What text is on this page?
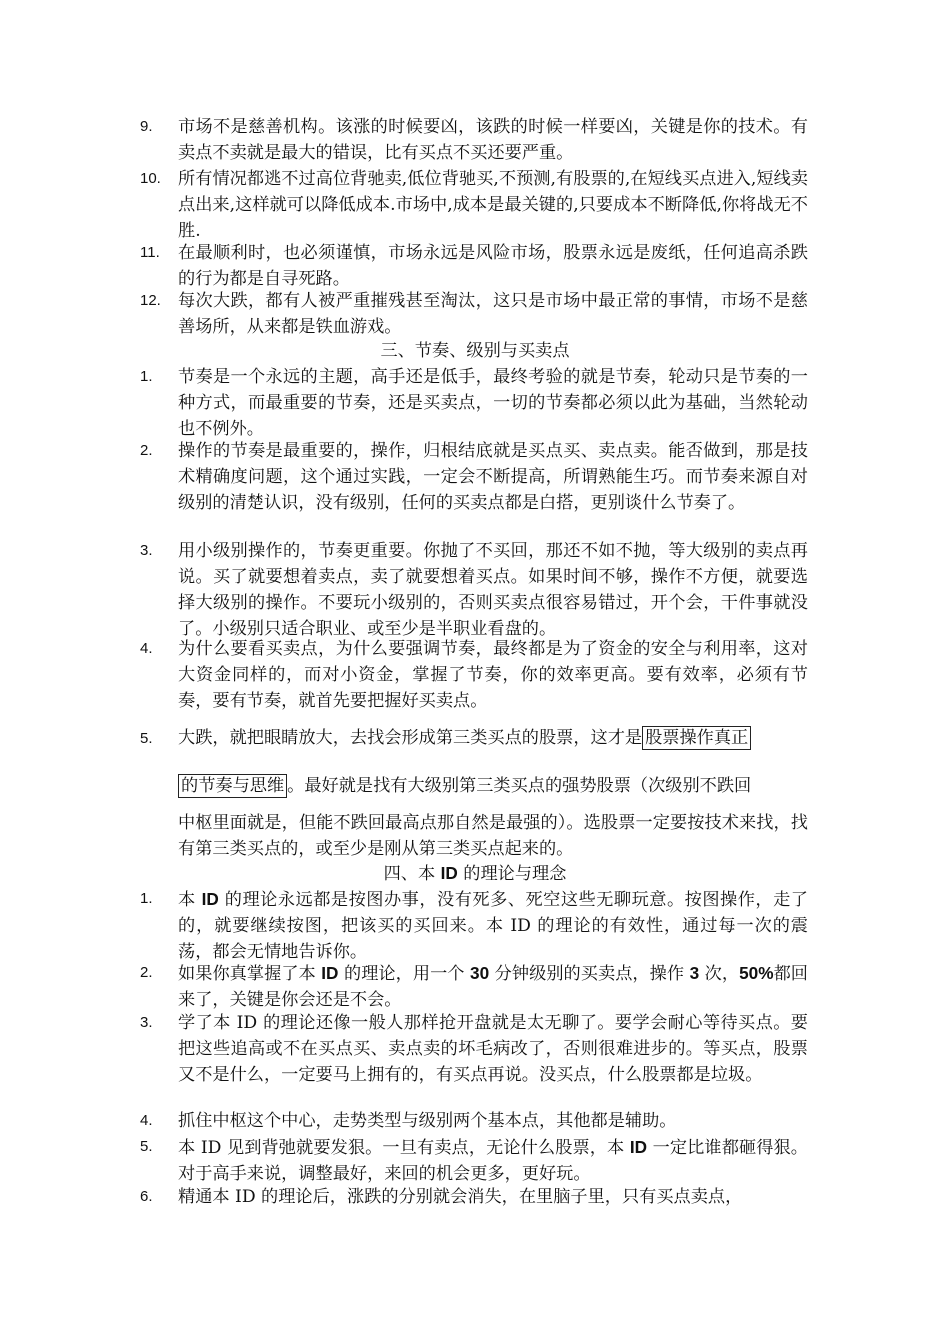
9.	市场不是慈善机构。该涨的时候要凶，该跌的时候一样要凶，关键是你的技术。有卖点不卖就是最大的错误，比有买点不买还要严重。
10. 所有情况都逃不过高位背驰卖,低位背驰买,不预测,有股票的,在短线买点进入,短线卖点出来,这样就可以降低成本.市场中,成本是最关键的,只要成本不断降低,你将战无不胜.
11.	在最顺利时，也必须谨慎，市场永远是风险市场，股票永远是废纸，任何追高杀跌的行为都是自寻死路。
12. 每次大跌，都有人被严重摧残甚至淘汰，这只是市场中最正常的事情，市场不是慈善场所，从来都是铁血游戏。
三、节奏、级别与买卖点
1.	节奏是一个永远的主题，高手还是低手，最终考验的就是节奏，轮动只是节奏的一种方式，而最重要的节奏，还是买卖点，一切的节奏都必须以此为基础，当然轮动也不例外。
2.	操作的节奏是最重要的，操作，归根结底就是买点买、卖点卖。能否做到，那是技术精确度问题，这个通过实践，一定会不断提高，所谓熟能生巧。而节奏来源自对级别的清楚认识，没有级别，任何的买卖点都是白搭，更别谈什么节奏了。
3.	用小级别操作的，节奏更重要。你抛了不买回，那还不如不抛，等大级别的卖点再说。买了就要想着卖点，卖了就要想着买点。如果时间不够，操作不方便，就要选择大级别的操作。不要玩小级别的，否则买卖点很容易错过，开个会，干件事就没了。小级别只适合职业、或至少是半职业看盘的。
4.	为什么要看买卖点，为什么要强调节奏，最终都是为了资金的安全与利用率，这对大资金同样的，而对小资金，掌握了节奏，你的效率更高。要有效率，必须有节奏，要有节奏，就首先要把握好买卖点。
5.	大跌，就把眼睛放大，去找会形成第三类买点的股票，这才是 股票操作真正
的节奏与思维 。最好就是找有大级别第三类买点的强势股票（次级别不跌回
中枢里面就是，但能不跌回最高点那自然是最强的）。选股票一定要按技术来找，找有第三类买点的，或至少是刚从第三类买点起来的。
四、本 ID 的理论与理念
1.	本 ID 的理论永远都是按图办事，没有死多、死空这些无聊玩意。按图操作，走了的，就要继续按图，把该买的买回来。本 ID 的理论的有效性，通过每一次的震荡，都会无情地告诉你。
2.	如果你真掌握了本 ID 的理论，用一个 30 分钟级别的买卖点，操作 3 次，50%都回来了，关键是你会还是不会。
3.	学了本 ID 的理论还像一般人那样抢开盘就是太无聊了。要学会耐心等待买点。要把这些追高或不在买点买、卖点卖的坏毛病改了，否则很难进步的。等买点，股票又不是什么，一定要马上拥有的，有买点再说。没买点，什么股票都是垃圾。
4.	抓住中枢这个中心，走势类型与级别两个基本点，其他都是辅助。
5.	本 ID 见到背弛就要发狠。一旦有卖点，无论什么股票，本 ID 一定比谁都砸得狠。对于高手来说，调整最好，来回的机会更多，更好玩。
6.	精通本 ID 的理论后，涨跌的分别就会消失，在里脑子里，只有买点卖点，
